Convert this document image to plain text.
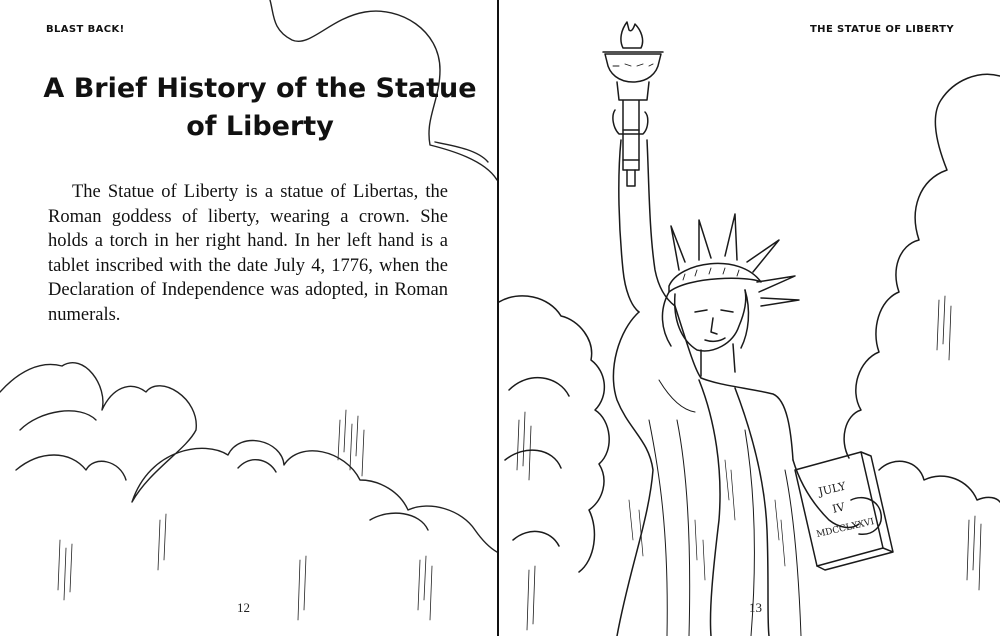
BLAST BACK!
A Brief History of the Statue of Liberty

The Statue of Liberty is a statue of Libertas, the Roman goddess of liberty, wearing a crown. She holds a torch in her right hand. In her left hand is a tablet inscribed with the date July 4, 1776, when the Declaration of Independence was adopted, in Roman numerals.

12
JULY
IV
MDCCLXXVI
THE STATUE OF LIBERTY
13
